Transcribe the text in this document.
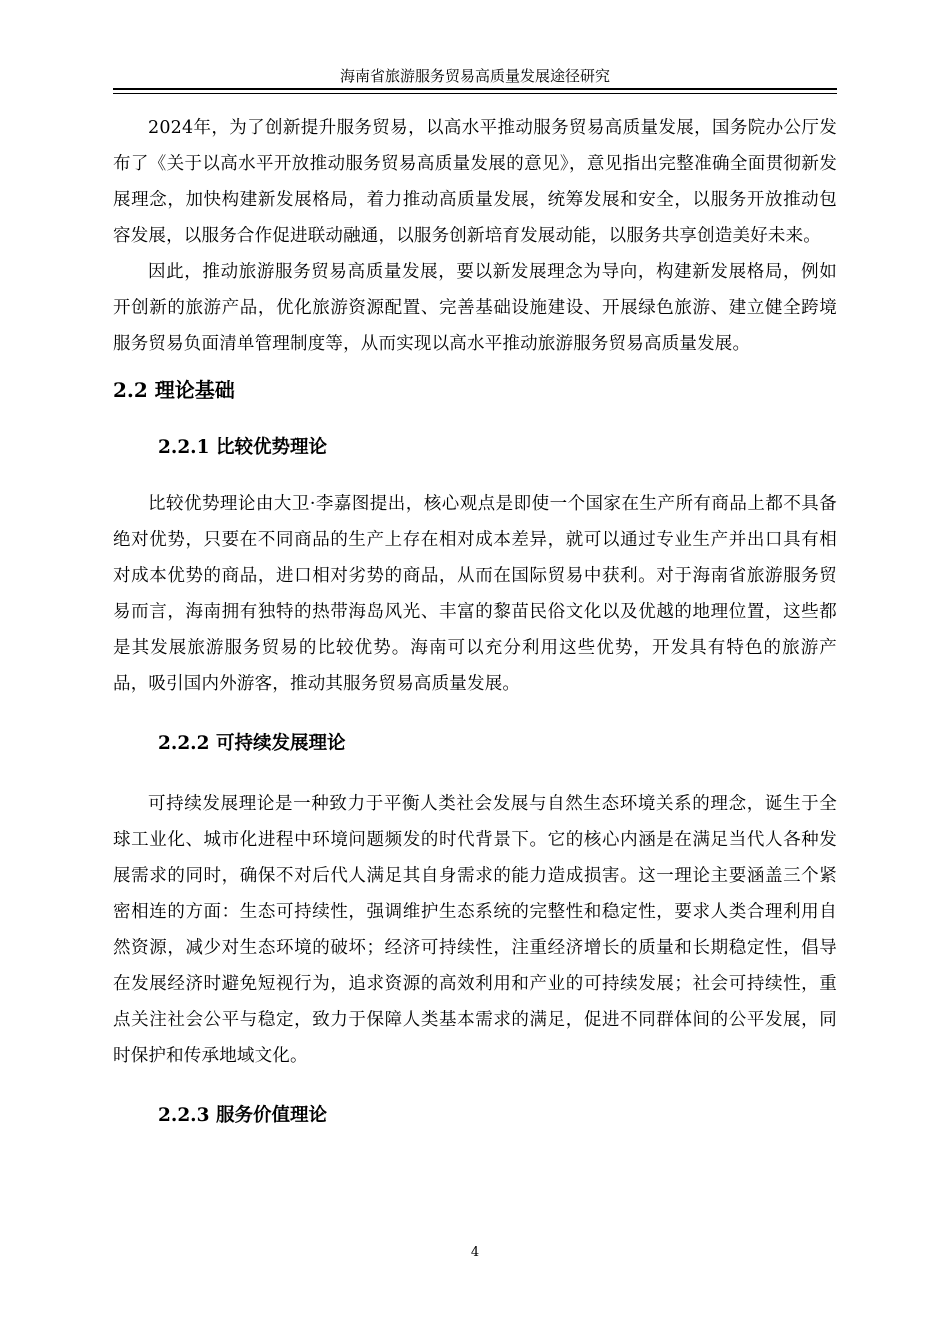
海南省旅游服务贸易高质量发展途径研究

2024年，为了创新提升服务贸易，以高水平推动服务贸易高质量发展，国务院办公厅发布了《关于以高水平开放推动服务贸易高质量发展的意见》，意见指出完整准确全面贯彻新发展理念，加快构建新发展格局，着力推动高质量发展，统筹发展和安全，以服务开放推动包容发展，以服务合作促进联动融通，以服务创新培育发展动能，以服务共享创造美好未来。

因此，推动旅游服务贸易高质量发展，要以新发展理念为导向，构建新发展格局，例如开创新的旅游产品，优化旅游资源配置、完善基础设施建设、开展绿色旅游、建立健全跨境服务贸易负面清单管理制度等，从而实现以高水平推动旅游服务贸易高质量发展。

2.2 理论基础
2.2.1 比较优势理论

比较优势理论由大卫·李嘉图提出，核心观点是即使一个国家在生产所有商品上都不具备绝对优势，只要在不同商品的生产上存在相对成本差异，就可以通过专业生产并出口具有相对成本优势的商品，进口相对劣势的商品，从而在国际贸易中获利。对于海南省旅游服务贸易而言，海南拥有独特的热带海岛风光、丰富的黎苗民俗文化以及优越的地理位置，这些都是其发展旅游服务贸易的比较优势。海南可以充分利用这些优势，开发具有特色的旅游产品，吸引国内外游客，推动其服务贸易高质量发展。

2.2.2 可持续发展理论

可持续发展理论是一种致力于平衡人类社会发展与自然生态环境关系的理念，诞生于全球工业化、城市化进程中环境问题频发的时代背景下。它的核心内涵是在满足当代人各种发展需求的同时，确保不对后代人满足其自身需求的能力造成损害。这一理论主要涵盖三个紧密相连的方面：生态可持续性，强调维护生态系统的完整性和稳定性，要求人类合理利用自然资源，减少对生态环境的破坏；经济可持续性，注重经济增长的质量和长期稳定性，倡导在发展经济时避免短视行为，追求资源的高效利用和产业的可持续发展；社会可持续性，重点关注社会公平与稳定，致力于保障人类基本需求的满足，促进不同群体间的公平发展，同时保护和传承地域文化。

2.2.3 服务价值理论
4
